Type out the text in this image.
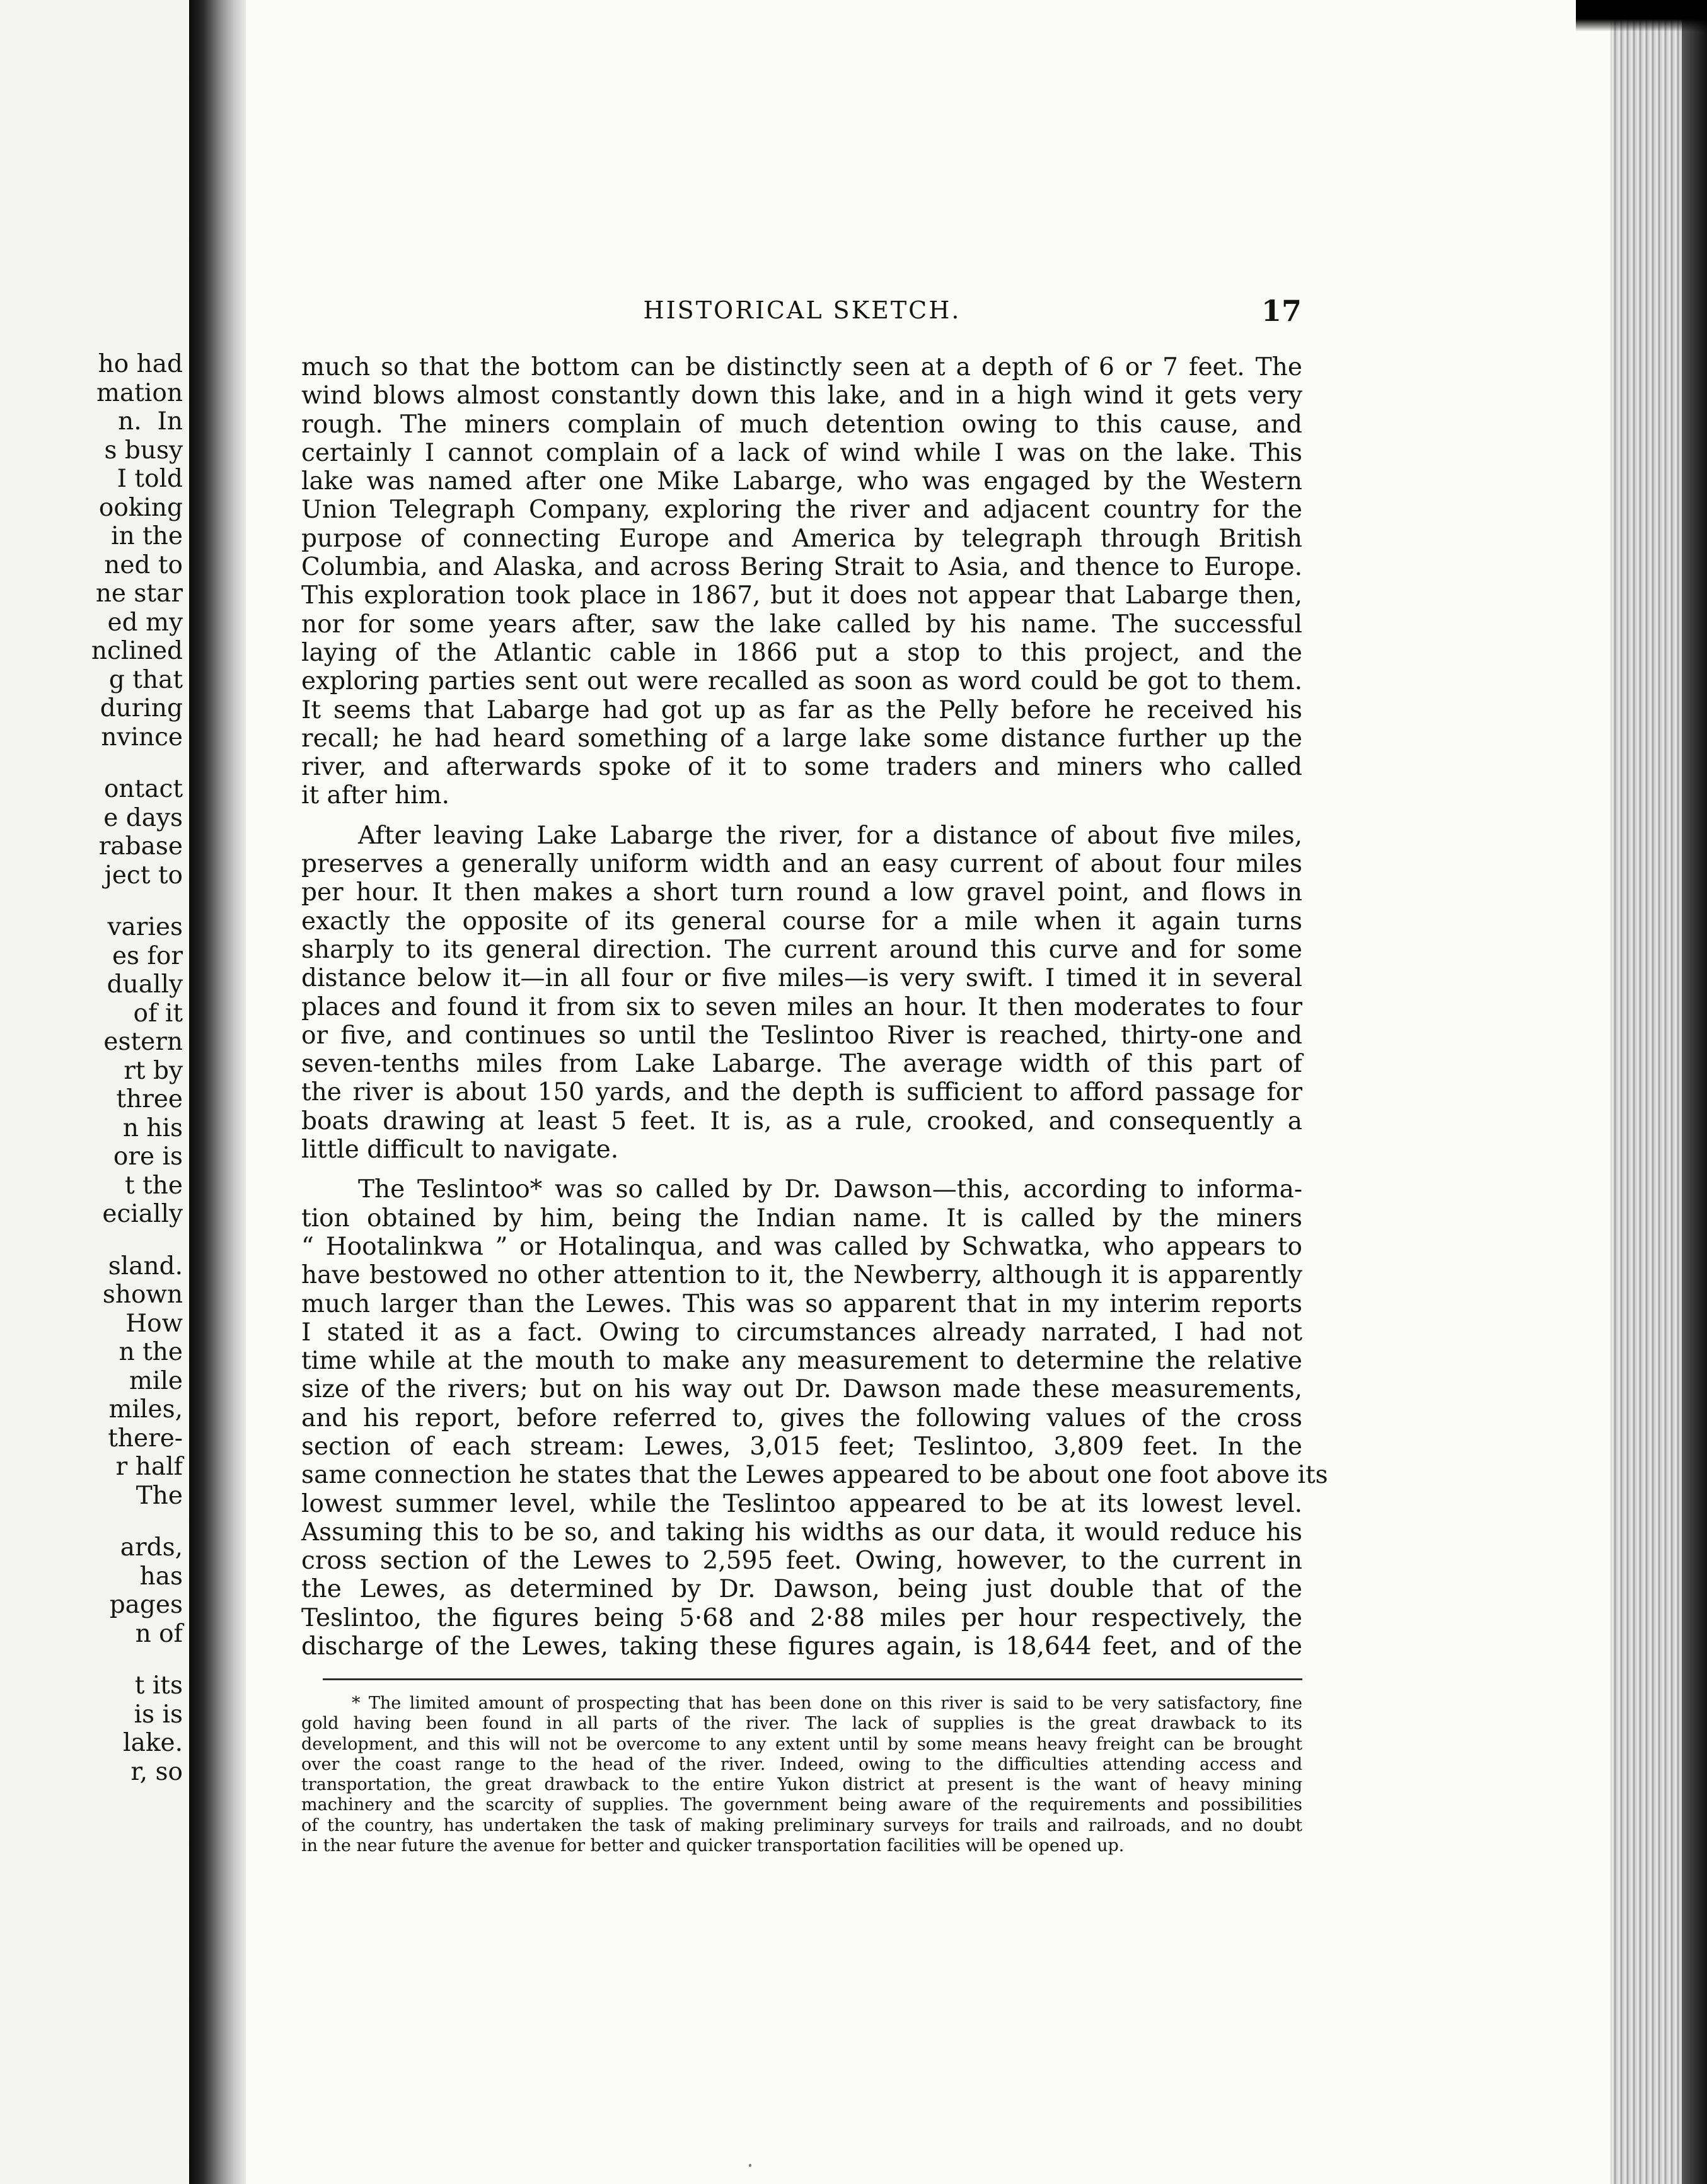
ho had
mation
n.  In
s busy
I told
ooking
in the
ned to
ne star
ed my
nclined
g that
during
nvince
ontact
e days
rabase
ject to
varies
es for
dually
of it
estern
rt by
three
n his
ore is
t the
ecially
sland.
shown
How
n the
mile
miles,
there-
r half
The
ards,
has
pages
n of
t its
is is
lake.
r, so
HISTORICAL SKETCH.	17
much so that the bottom can be distinctly seen at a depth of 6 or 7 feet. The
wind blows almost constantly down this lake, and in a high wind it gets very
rough. The miners complain of much detention owing to this cause, and
certainly I cannot complain of a lack of wind while I was on the lake. This
lake was named after one Mike Labarge, who was engaged by the Western
Union Telegraph Company, exploring the river and adjacent country for the
purpose of connecting Europe and America by telegraph through British
Columbia, and Alaska, and across Bering Strait to Asia, and thence to Europe.
This exploration took place in 1867, but it does not appear that Labarge then,
nor for some years after, saw the lake called by his name. The successful
laying of the Atlantic cable in 1866 put a stop to this project, and the
exploring parties sent out were recalled as soon as word could be got to them.
It seems that Labarge had got up as far as the Pelly before he received his
recall; he had heard something of a large lake some distance further up the
river, and afterwards spoke of it to some traders and miners who called
it after him.
After leaving Lake Labarge the river, for a distance of about five miles,
preserves a generally uniform width and an easy current of about four miles
per hour. It then makes a short turn round a low gravel point, and flows in
exactly the opposite of its general course for a mile when it again turns
sharply to its general direction. The current around this curve and for some
distance below it—in all four or five miles—is very swift. I timed it in several
places and found it from six to seven miles an hour. It then moderates to four
or five, and continues so until the Teslintoo River is reached, thirty-one and
seven-tenths miles from Lake Labarge. The average width of this part of
the river is about 150 yards, and the depth is sufficient to afford passage for
boats drawing at least 5 feet. It is, as a rule, crooked, and consequently a
little difficult to navigate.
The Teslintoo* was so called by Dr. Dawson—this, according to informa-
tion obtained by him, being the Indian name. It is called by the miners
“ Hootalinkwa ” or Hotalinqua, and was called by Schwatka, who appears to
have bestowed no other attention to it, the Newberry, although it is apparently
much larger than the Lewes. This was so apparent that in my interim reports
I stated it as a fact. Owing to circumstances already narrated, I had not
time while at the mouth to make any measurement to determine the relative
size of the rivers; but on his way out Dr. Dawson made these measurements,
and his report, before referred to, gives the following values of the cross
section of each stream: Lewes, 3,015 feet; Teslintoo, 3,809 feet. In the
same connection he states that the Lewes appeared to be about one foot above its
lowest summer level, while the Teslintoo appeared to be at its lowest level.
Assuming this to be so, and taking his widths as our data, it would reduce his
cross section of the Lewes to 2,595 feet. Owing, however, to the current in
the Lewes, as determined by Dr. Dawson, being just double that of the
Teslintoo, the figures being 5·68 and 2·88 miles per hour respectively, the
discharge of the Lewes, taking these figures again, is 18,644 feet, and of the
* The limited amount of prospecting that has been done on this river is said to be very satisfactory, fine
gold having been found in all parts of the river. The lack of supplies is the great drawback to its
development, and this will not be overcome to any extent until by some means heavy freight can be brought
over the coast range to the head of the river. Indeed, owing to the difficulties attending access and
transportation, the great drawback to the entire Yukon district at present is the want of heavy mining
machinery and the scarcity of supplies. The government being aware of the requirements and possibilities
of the country, has undertaken the task of making preliminary surveys for trails and railroads, and no doubt
in the near future the avenue for better and quicker transportation facilities will be opened up.
